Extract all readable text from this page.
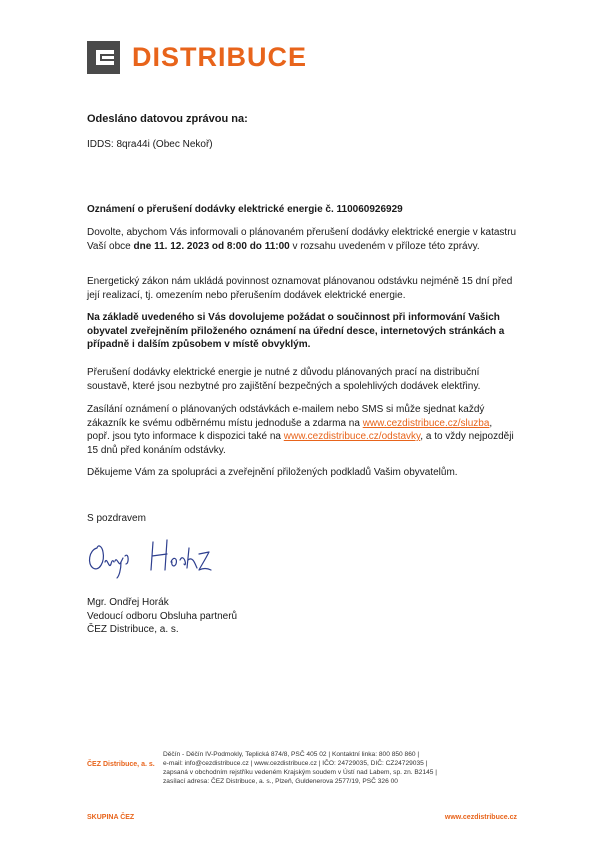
DISTRIBUCE
Odesláno datovou zprávou na:
IDDS: 8qra44i (Obec Nekoř)
Oznámení o přerušení dodávky elektrické energie č. 110060926929
Dovolte, abychom Vás informovali o plánovaném přerušení dodávky elektrické energie v katastru Vaší obce dne 11. 12. 2023 od 8:00 do 11:00 v rozsahu uvedeném v příloze této zprávy.
Energetický zákon nám ukládá povinnost oznamovat plánovanou odstávku nejméně 15 dní před její realizací, tj. omezením nebo přerušením dodávek elektrické energie.
Na základě uvedeného si Vás dovolujeme požádat o součinnost při informování Vašich obyvatel zveřejněním přiloženého oznámení na úřední desce, internetových stránkách a případně i dalším způsobem v místě obvyklým.
Přerušení dodávky elektrické energie je nutné z důvodu plánovaných prací na distribuční soustavě, které jsou nezbytné pro zajištění bezpečných a spolehlivých dodávek elektřiny.
Zasílání oznámení o plánovaných odstávkách e-mailem nebo SMS si může sjednat každý zákazník ke svému odběrnému místu jednoduše a zdarma na www.cezdistribuce.cz/sluzba, popř. jsou tyto informace k dispozici také na www.cezdistribuce.cz/odstavky, a to vždy nejpozději 15 dnů před konáním odstávky.
Děkujeme Vám za spolupráci a zveřejnění přiložených podkladů Vašim obyvatelům.
S pozdravem
Mgr. Ondřej Horák
Vedoucí odboru Obsluha partnerů
ČEZ Distribuce, a. s.
ČEZ Distribuce, a. s.
Děčín - Děčín IV-Podmokly, Teplická 874/8, PSČ 405 02 | Kontaktní linka: 800 850 860 |
e-mail: info@cezdistribuce.cz | www.cezdistribuce.cz | IČO: 24729035, DIČ: CZ24729035 |
zapsaná v obchodním rejstříku vedeném Krajským soudem v Ústí nad Labem, sp. zn. B2145 |
zasílací adresa: ČEZ Distribuce, a. s., Plzeň, Guldenerova 2577/19, PSČ 326 00
SKUPINA ČEZ	www.cezdistribuce.cz
